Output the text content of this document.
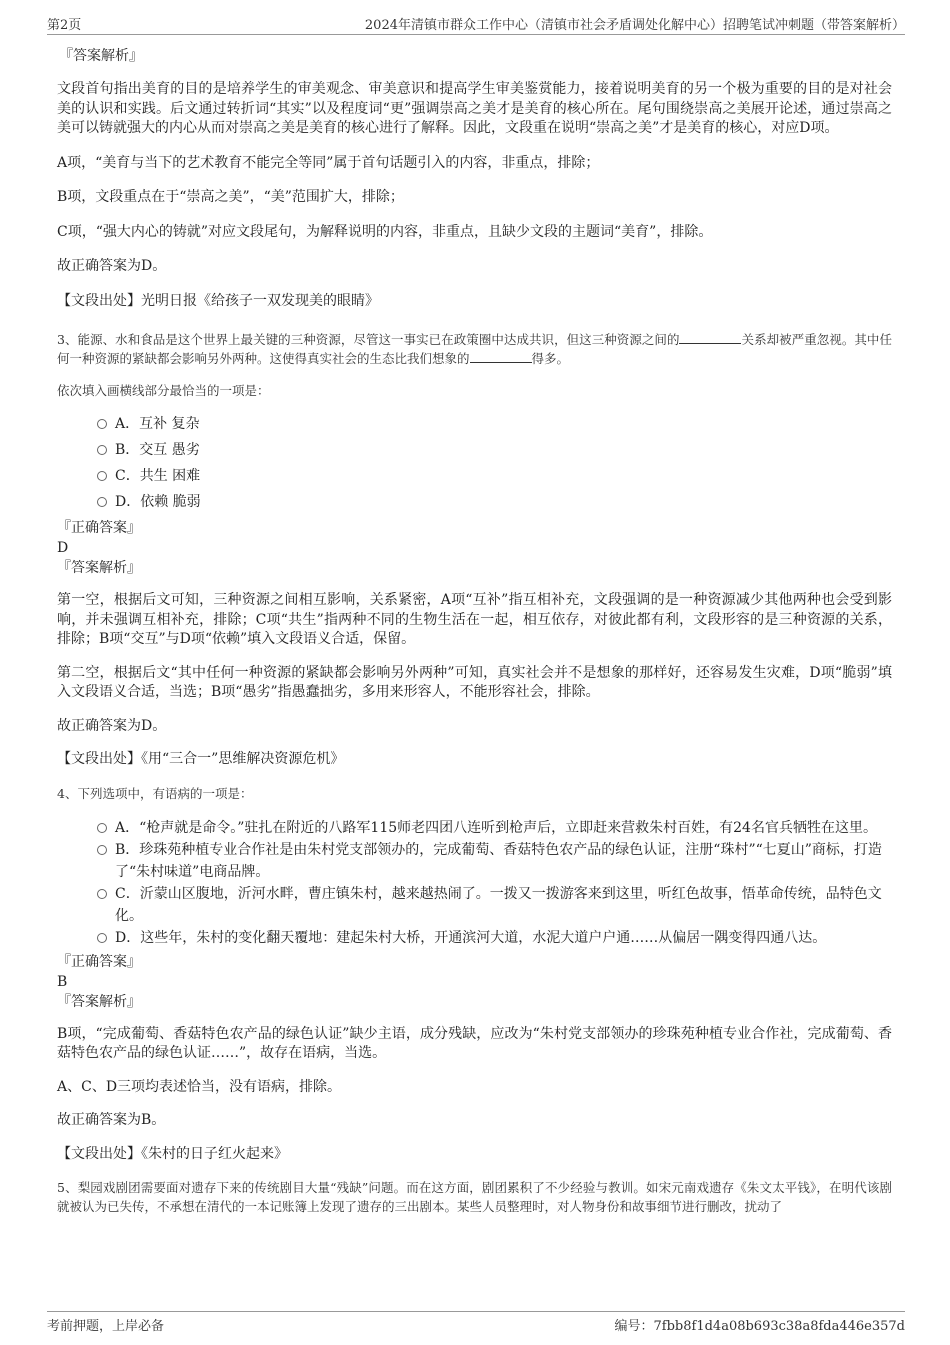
第2页	2024年清镇市群众工作中心（清镇市社会矛盾调处化解中心）招聘笔试冲刺题（带答案解析）

『答案解析』

文段首句指出美育的目的是培养学生的审美观念、审美意识和提高学生审美鉴赏能力，接着说明美育的另一个极为重要的目的是对社会美的认识和实践。后文通过转折词“其实”以及程度词“更”强调崇高之美才是美育的核心所在。尾句围绕崇高之美展开论述，通过崇高之美可以铸就强大的内心从而对崇高之美是美育的核心进行了解释。因此，文段重在说明“崇高之美”才是美育的核心，对应D项。

A项，“美育与当下的艺术教育不能完全等同”属于首句话题引入的内容，非重点，排除；

B项，文段重点在于“崇高之美”，“美”范围扩大，排除；

C项，“强大内心的铸就”对应文段尾句，为解释说明的内容，非重点，且缺少文段的主题词“美育”，排除。

故正确答案为D。

【文段出处】光明日报《给孩子一双发现美的眼睛》

3、能源、水和食品是这个世界上最关键的三种资源，尽管这一事实已在政策圈中达成共识，但这三种资源之间的	关系却被严重忽视。其中任何一种资源的紧缺都会影响另外两种。这使得真实社会的生态比我们想象的	得多。

依次填入画横线部分最恰当的一项是：

A．互补 复杂
B．交互 愚劣
C．共生 困难
D．依赖 脆弱

『正确答案』

D

『答案解析』

第一空，根据后文可知，三种资源之间相互影响，关系紧密，A项“互补”指互相补充，文段强调的是一种资源减少其他两种也会受到影响，并未强调互相补充，排除；C项“共生”指两种不同的生物生活在一起，相互依存，对彼此都有利，文段形容的是三种资源的关系，排除；B项“交互”与D项“依赖”填入文段语义合适，保留。

第二空，根据后文“其中任何一种资源的紧缺都会影响另外两种”可知，真实社会并不是想象的那样好，还容易发生灾难，D项“脆弱”填入文段语义合适，当选；B项“愚劣”指愚蠢拙劣，多用来形容人，不能形容社会，排除。

故正确答案为D。

【文段出处】《用“三合一”思维解决资源危机》

4、下列选项中，有语病的一项是：

A．“枪声就是命令。”驻扎在附近的八路军115师老四团八连听到枪声后，立即赶来营救朱村百姓，有24名官兵牺牲在这里。
B．珍珠苑种植专业合作社是由朱村党支部领办的，完成葡萄、香菇特色农产品的绿色认证，注册“珠村”“七夏山”商标，打造了“朱村味道”电商品牌。
C．沂蒙山区腹地，沂河水畔，曹庄镇朱村，越来越热闹了。一拨又一拨游客来到这里，听红色故事，悟革命传统，品特色文化。
D．这些年，朱村的变化翻天覆地：建起朱村大桥，开通滨河大道，水泥大道户户通……从偏居一隅变得四通八达。

『正确答案』

B

『答案解析』

B项，“完成葡萄、香菇特色农产品的绿色认证”缺少主语，成分残缺，应改为“朱村党支部领办的珍珠苑种植专业合作社，完成葡萄、香菇特色农产品的绿色认证……”，故存在语病，当选。

A、C、D三项均表述恰当，没有语病，排除。

故正确答案为B。

【文段出处】《朱村的日子红火起来》

5、梨园戏剧团需要面对遗存下来的传统剧目大量“残缺”问题。而在这方面，剧团累积了不少经验与教训。如宋元南戏遗存《朱文太平钱》，在明代该剧就被认为已失传，不承想在清代的一本记账簿上发现了遗存的三出剧本。某些人员整理时，对人物身份和故事细节进行删改，扰动了

考前押题，上岸必备	编号：7fbb8f1d4a08b693c38a8fda446e357d
